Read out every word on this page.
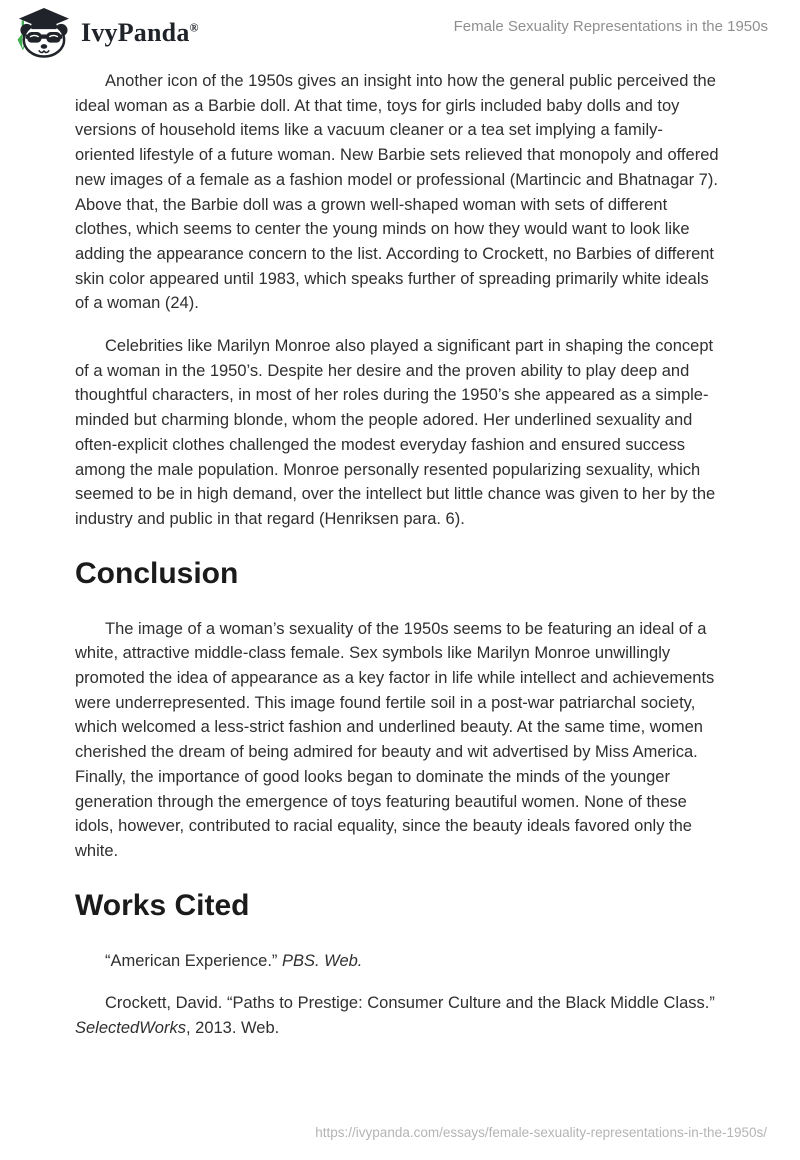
IvyPanda®	Female Sexuality Representations in the 1950s

Another icon of the 1950s gives an insight into how the general public perceived the ideal woman as a Barbie doll. At that time, toys for girls included baby dolls and toy versions of household items like a vacuum cleaner or a tea set implying a family-oriented lifestyle of a future woman. New Barbie sets relieved that monopoly and offered new images of a female as a fashion model or professional (Martincic and Bhatnagar 7). Above that, the Barbie doll was a grown well-shaped woman with sets of different clothes, which seems to center the young minds on how they would want to look like adding the appearance concern to the list. According to Crockett, no Barbies of different skin color appeared until 1983, which speaks further of spreading primarily white ideals of a woman (24).

Celebrities like Marilyn Monroe also played a significant part in shaping the concept of a woman in the 1950’s. Despite her desire and the proven ability to play deep and thoughtful characters, in most of her roles during the 1950’s she appeared as a simple-minded but charming blonde, whom the people adored. Her underlined sexuality and often-explicit clothes challenged the modest everyday fashion and ensured success among the male population. Monroe personally resented popularizing sexuality, which seemed to be in high demand, over the intellect but little chance was given to her by the industry and public in that regard (Henriksen para. 6).

Conclusion

The image of a woman’s sexuality of the 1950s seems to be featuring an ideal of a white, attractive middle-class female. Sex symbols like Marilyn Monroe unwillingly promoted the idea of appearance as a key factor in life while intellect and achievements were underrepresented. This image found fertile soil in a post-war patriarchal society, which welcomed a less-strict fashion and underlined beauty. At the same time, women cherished the dream of being admired for beauty and wit advertised by Miss America. Finally, the importance of good looks began to dominate the minds of the younger generation through the emergence of toys featuring beautiful women. None of these idols, however, contributed to racial equality, since the beauty ideals favored only the white.

Works Cited

“American Experience.” PBS. Web.

Crockett, David. “Paths to Prestige: Consumer Culture and the Black Middle Class.” SelectedWorks, 2013. Web.

https://ivypanda.com/essays/female-sexuality-representations-in-the-1950s/
